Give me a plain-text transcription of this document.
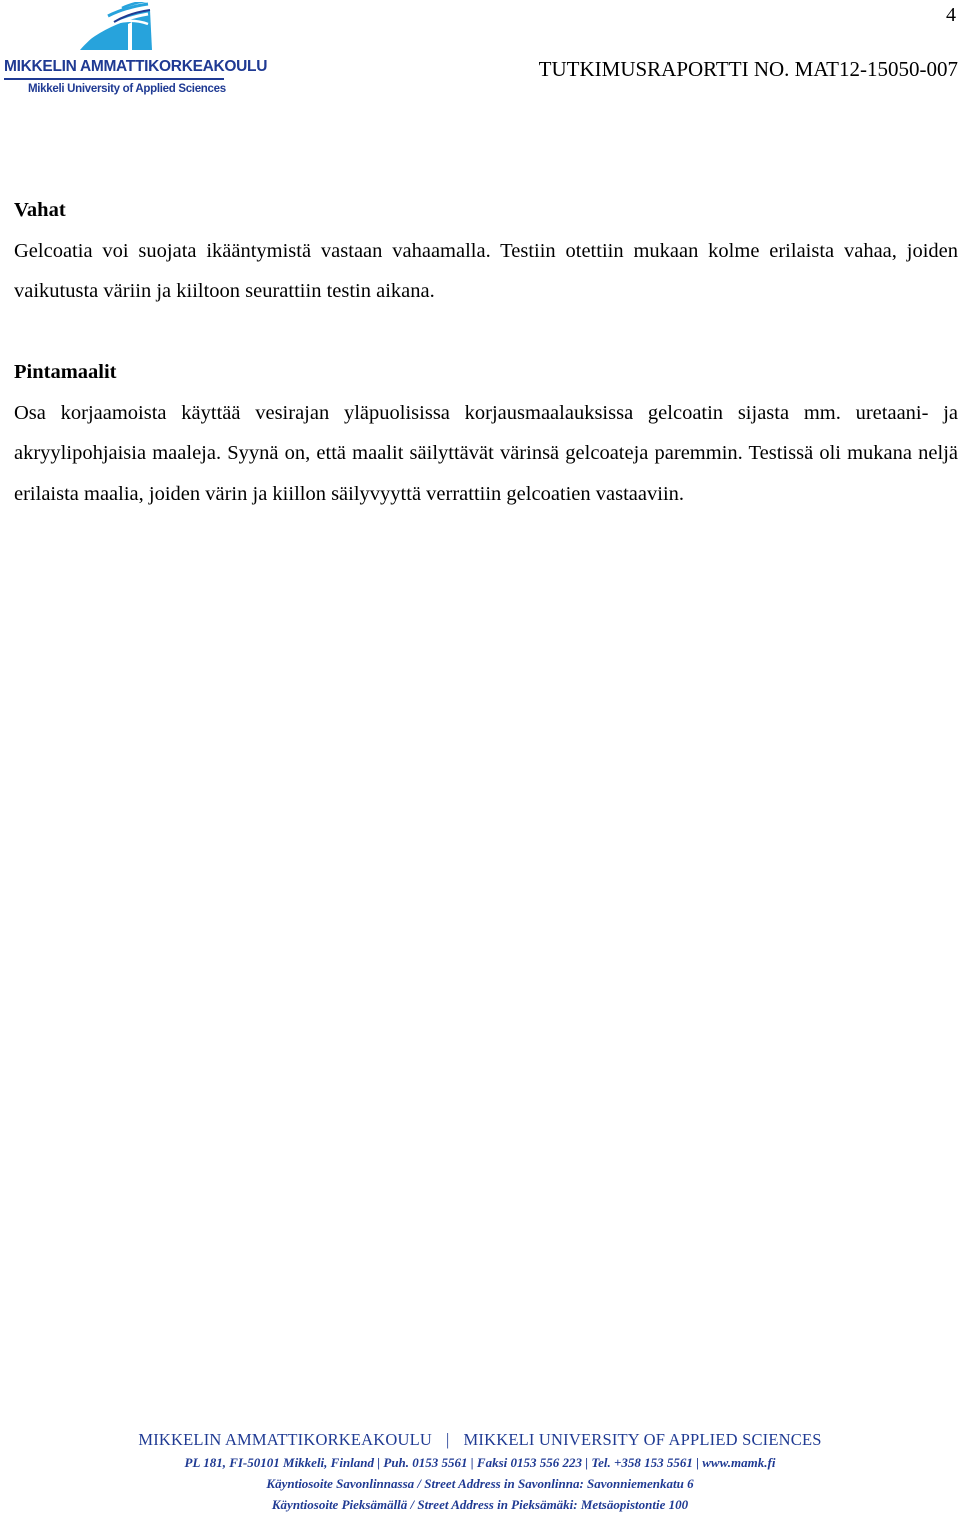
4
MIKKELIN AMMATTIKORKEAKOULU
Mikkeli University of Applied Sciences
TUTKIMUSRAPORTTI NO. MAT12-15050-007
Vahat

Gelcoatia voi suojata ikääntymistä vastaan vahaamalla. Testiin otettiin mukaan kolme erilaista vahaa, joiden vaikutusta väriin ja kiiltoon seurattiin testin aikana.

Pintamaalit

Osa korjaamoista käyttää vesirajan yläpuolisissa korjausmaalauksissa gelcoatin sijasta mm. uretaani- ja akryylipohjaisia maaleja. Syynä on, että maalit säilyttävät värinsä gelcoateja paremmin. Testissä oli mukana neljä erilaista maalia, joiden värin ja kiillon säilyvyyttä verrattiin gelcoatien vastaaviin.

MIKKELIN AMMATTIKORKEAKOULU | MIKKELI UNIVERSITY OF APPLIED SCIENCES
PL 181, FI-50101 Mikkeli, Finland | Puh. 0153 5561 | Faksi 0153 556 223 | Tel. +358 153 5561 | www.mamk.fi
Käyntiosoite Savonlinnassa / Street Address in Savonlinna: Savonniemenkatu 6
Käyntiosoite Pieksämällä / Street Address in Pieksämäki: Metsäopistontie 100
